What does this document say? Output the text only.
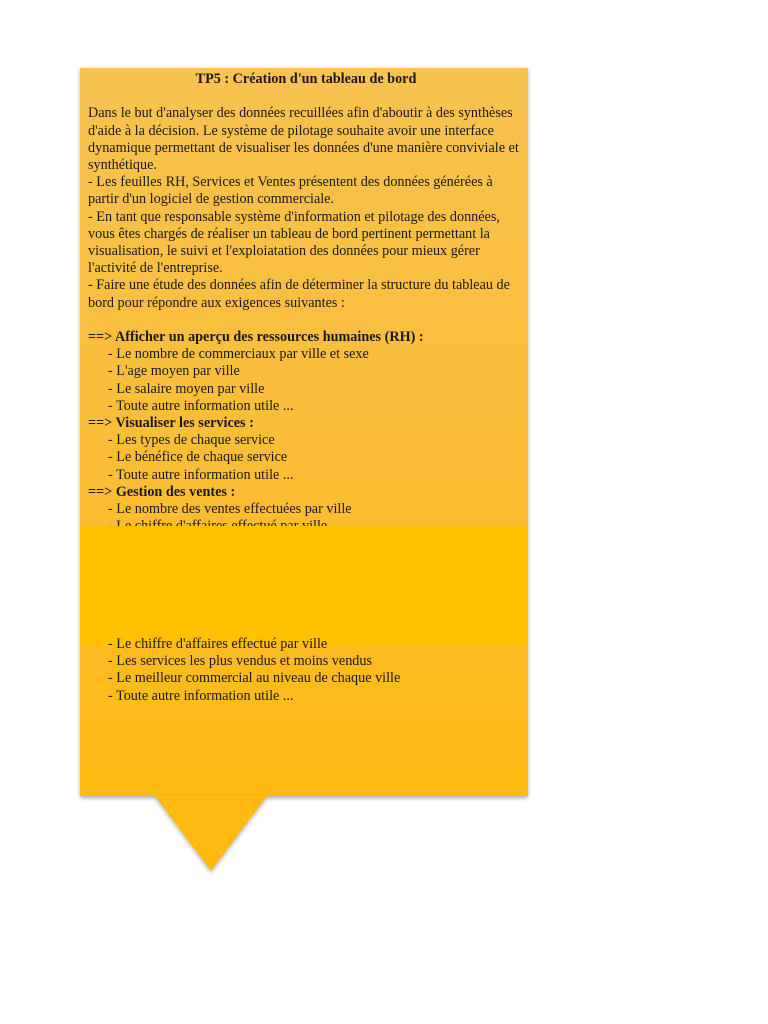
TP5 : Création d'un tableau de bord

Dans le but d'analyser des données recuillées afin d'aboutir à des synthèses d'aide à la décision. Le système de pilotage souhaite avoir une interface dynamique permettant de visualiser les données d'une manière conviviale et synthétique.

- Les feuilles RH, Services et Ventes présentent des données générées à partir d'un logiciel de gestion commerciale.

- En tant que responsable système d'information et pilotage des données, vous êtes chargés de réaliser un tableau de bord pertinent permettant la visualisation, le suivi et l'exploiatation des données pour mieux gérer l'activité de l'entreprise.

- Faire une étude des données afin de déterminer la structure du tableau de bord pour répondre aux exigences suivantes :

==> Afficher un aperçu des ressources humaines (RH) :

- Le nombre de commerciaux par ville et sexe

- L'age moyen par ville

- Le salaire moyen par ville

- Toute autre information utile ...

==> Visualiser les services :

- Les types de chaque service

- Le bénéfice de chaque service

- Toute autre information utile ...

==> Gestion des ventes :

- Le nombre des ventes effectuées par ville

- Le chiffre d'affaires effectué par ville

- Les services les plus vendus et moins vendus

- Le meilleur commercial au niveau de chaque ville

- Toute autre information utile ...
